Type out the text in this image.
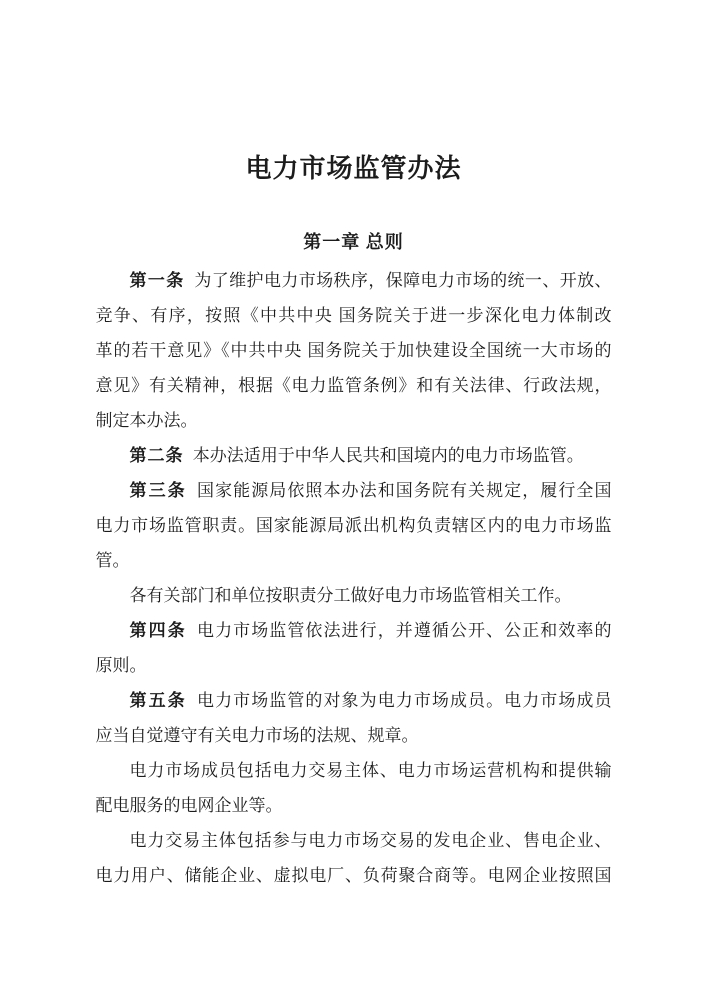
电力市场监管办法
第一章 总则
第一条 为了维护电力市场秩序，保障电力市场的统一、开放、
竞争、有序，按照《中共中央 国务院关于进一步深化电力体制改
革的若干意见》《中共中央 国务院关于加快建设全国统一大市场的
意见》有关精神，根据《电力监管条例》和有关法律、行政法规，
制定本办法。
第二条 本办法适用于中华人民共和国境内的电力市场监管。
第三条 国家能源局依照本办法和国务院有关规定，履行全国
电力市场监管职责。国家能源局派出机构负责辖区内的电力市场监
管。
各有关部门和单位按职责分工做好电力市场监管相关工作。
第四条 电力市场监管依法进行，并遵循公开、公正和效率的
原则。
第五条 电力市场监管的对象为电力市场成员。电力市场成员
应当自觉遵守有关电力市场的法规、规章。
电力市场成员包括电力交易主体、电力市场运营机构和提供输
配电服务的电网企业等。
电力交易主体包括参与电力市场交易的发电企业、售电企业、
电力用户、储能企业、虚拟电厂、负荷聚合商等。电网企业按照国
